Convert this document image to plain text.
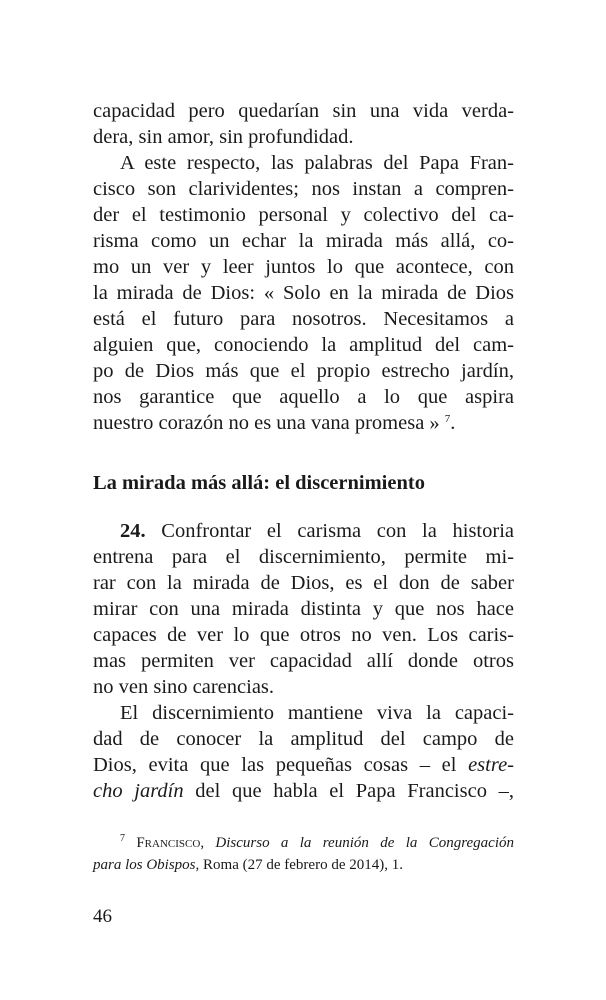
capacidad pero quedarían sin una vida verda-
dera, sin amor, sin profundidad.
A este respecto, las palabras del Papa Fran-
cisco son clarividentes; nos instan a compren-
der el testimonio personal y colectivo del ca-
risma como un echar la mirada más allá, co-
mo un ver y leer juntos lo que acontece, con
la mirada de Dios: « Solo en la mirada de Dios
está el futuro para nosotros. Necesitamos a
alguien que, conociendo la amplitud del cam-
po de Dios más que el propio estrecho jardín,
nos garantice que aquello a lo que aspira
nuestro corazón no es una vana promesa » $^7$.
La mirada más allá: el discernimiento
24. Confrontar el carisma con la historia
entrena para el discernimiento, permite mi-
rar con la mirada de Dios, es el don de saber
mirar con una mirada distinta y que nos hace
capaces de ver lo que otros no ven. Los caris-
mas permiten ver capacidad allí donde otros
no ven sino carencias.
El discernimiento mantiene viva la capaci-
dad de conocer la amplitud del campo de
Dios, evita que las pequeñas cosas – el estre-
cho jardín del que habla el Papa Francisco –,
$^7$ Francisco, Discurso a la reunión de la Congregación
para los Obispos, Roma (27 de febrero de 2014), 1.
46
